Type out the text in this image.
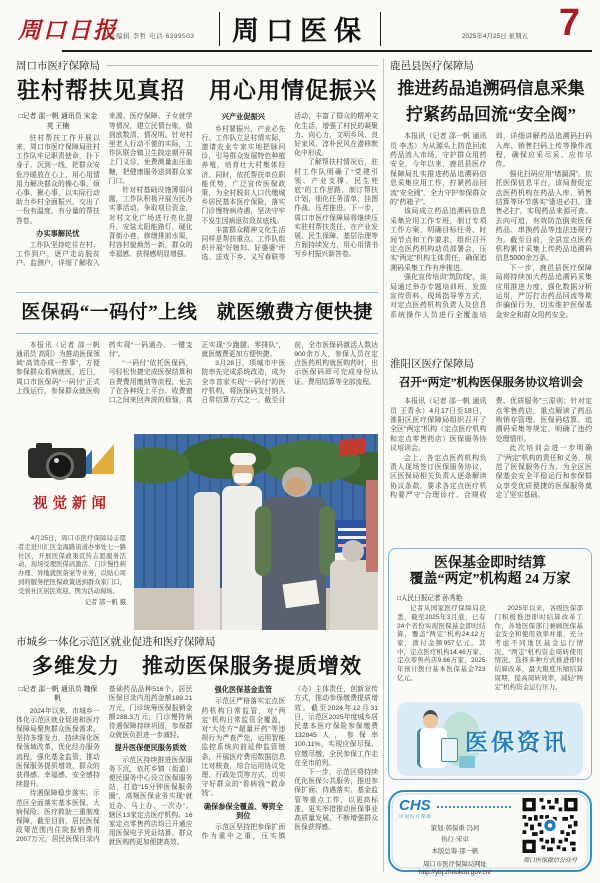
周口日报
责任编辑·李哲 电话·6399503 周口医保	2025年4月25日 星期五 7
周口市医疗保障局
驻村帮扶见真招　用心用情促振兴
□记者 邵一帆 通讯员 宋金英 王楠
驻村帮扶工作开展以来，周口市医疗保障局驻村工作队牢记职责使命，扑下身子、沉到一线，把群众安危冷暖放在心上，用心用情用力解决群众的操心事、烦心事、揪心事，以实际行动助力乡村全面振兴，交出了一份有温度、有分量的帮扶答卷。
办实事解民忧
工作队坚持吃住在村、工作到户，逐户走访脱贫户、监测户，详细了解收入来源、医疗保障、子女就学等情况，建立民情台账，做到底数清、情况明。针对村里老人行动不便的实际，工作队联合镇卫生院定期开展上门义诊，免费测量血压血糖，把健康服务送到群众家门口。
针对村基础设施薄弱问题，工作队积极开展为民办实事活动，争取项目资金，对村文化广场进行亮化提升，安装太阳能路灯，硬化背街小巷，修缮排前水渠，村容村貌焕然一新，群众的幸福感、获得感明显增强。
兴产业促振兴
乡村要振兴，产业必先行。工作队立足村情实际，邀请农业专家实地把脉问诊，引导群众发展特色种植养殖，培育壮大村集体经济。同时，依托帮扶单位职能优势，广泛宣传医保政策，为全村脱贫人口代缴城乡居民基本医疗保险，落实门诊慢特病待遇，坚决守牢不发生因病返贫致贫底线。
丰富群众精神文化生活同样是帮扶重点。工作队组织开展“好媳妇、好婆婆”评选、送戏下乡、义写春联等活动，丰富了群众的精神文化生活，增强了村民的凝聚力、向心力，文明乡风、良好家风、淳朴民风在潜移默化中形成。
了解帮扶村情况后，驻村工作队明确了“党建引领、产业支撑、民生兜底”的工作思路，制订帮扶计划，细化任务清单，挂图作战、压茬推进。下一步，周口市医疗保障局将继续压实驻村帮扶责任，在产业发展、民生保障、基层治理等方面持续发力，用心用情书写乡村振兴新答卷。
医保码“一码付”上线　就医缴费方便快捷
本报讯（记者 邵一帆 通讯员 高阳）为推动医保领域“高效办成一件事”，方便参保群众看病就医，近日，周口市医保码“一码付”正式上线运行，参保群众就医购药实现“一码通办、一键支付”。
“一码付”依托医保码，可轻松快捷完成医保结算和自费费用缴纳等流程，免去了在各种线上平台、收费窗口之间来回奔波的烦恼，真正实现“少跑腿、零排队”，就医缴费更加方便快捷。
3月28日，项城市中医院率先完成系统改造，成为全市首家实现“一码付”的医疗机构，将医保码支付纳入日常结算方式之一。截至目前，全市医保码激活人数达900余万人，参保人员在定点医药机构就医购药时，出示医保码即可完成身份认证、费用结算等全部流程。
视觉新闻
4月25日，周口市医疗保障局志愿者走进川汇区金海路街道办事处七一路社区，开展医保政策宣传志愿服务活动，现场受理医保码激活、门诊慢性病办理、异地就医备案等业务，以贴心周到的服务把医保政策送到群众家门口，受到社区居民欢迎。图为活动现场。
记者 邵一帆 摄
市城乡一体化示范区就业促进和医疗保障局
多维发力　推动医保服务提质增效
□记者 邵一帆 通讯员 魏保帆
2024年以来，市城乡一体化示范区就业促进和医疗保障局聚焦群众医保需求，坚持多维发力，持续深化医保领域改革，优化经办服务流程，强化基金监管，推动医保服务提质增效，群众的获得感、幸福感、安全感持续提升。
待遇保障稳步落实。示范区全面落实基本医保、大病保险、医疗救助三重制度保障，截至目前，居民医保政策范围内住院报销费用2007万元，居民医保目录内基础药品品种516个，居民医保目录内用药金额189.21万元，门诊统筹医保报销金额288.3万元，门诊慢特病待遇保障持续巩固，参保群众就医负担进一步减轻。
提升医保便民服务质效
示范区持续推进医保服务下沉，依托乡镇（街道）便民服务中心设立医保服务站，打造“15分钟医保服务圈”，高频医保业务实现“就近办、马上办、一次办”。辖区13家定点医疗机构、16家定点零售药店均已开通应用医保电子凭证结算，群众就医购药更加便捷高效。
强化医保基金监管
示范区严格落实定点医药机构日常监管，对“两定”机构日常监管全覆盖，对“大处方”“超量开药”等违规行为严查严处，运用智能监控系统向前延伸监管链条，开展医疗费用数据信息比对核查，综合运用协议处理、行政处罚等方式，切实守好群众的“看病钱”“救命钱”。
确保参保全覆盖、筹资全到位
示范区坚持把参保扩面作为重中之重，压实镇（办）主体责任，创新宣传方式，推动参保缴费提质增效。截至2024年12月31日，示范区2025年度城乡居民基本医疗保险参保缴费132845人，参保率100.11%，实现应保尽保、应缴尽缴，全民参保工作走在全市前列。
下一步，示范区将持续优化医保公共服务，推进参保扩面、待遇落实、基金监管等重点工作，以更高标准、更实举措推动医保事业高质量发展，不断增强群众医保获得感。
鹿邑县医疗保障局
推进药品追溯码信息采集
拧紧药品回流“安全阀”
本报讯（记者 邵一帆 通讯员 李杰）为从源头上防范回流药品流入市场，守护群众用药安全，今年以来，鹿邑县医疗保障局扎实推进药品追溯码信息采集应用工作，拧紧药品回流“安全阀”，全力守护参保群众的“药箱子”。
该局成立药品追溯码信息采集应用工作专班，制订专项工作方案，明确目标任务、时间节点和工作要求，组织召开定点医药机构动员部署会，压实“两定”机构主体责任，确保追溯码采集工作有序推进。
强化宣传培训“筑防线”。该局通过举办专题培训班、发放宣传资料、现场指导等方式，对定点医药机构负责人及信息系统操作人员进行全覆盖培训，详细讲解药品追溯码扫码入库、销售扫码上传等操作流程，确保应采尽采、应传尽传。
强化扫码应用“堵漏洞”。依托医保信息平台，该局督促定点医药机构在药品入库、销售结算等环节落实“逢进必扫、逢售必扫”，实现药品来源可查、去向可追，有效防范倒卖医保药品、串换药品等违法违规行为。截至目前，全县定点医药机构累计采集上传药品追溯码信息5000余万条。
下一步，鹿邑县医疗保障局将持续加大药品追溯码采集应用推进力度，强化数据分析运用，严厉打击药品回流等欺诈骗保行为，切实维护医保基金安全和群众用药安全。
淮阳区医疗保障局
召开“两定”机构医保服务协议培训会
本报讯（记者 邵一帆 通讯员 王青永）4月17日至18日，淮阳区医疗保障局组织召开了全区“两定”机构（定点医疗机构和定点零售药店）医保服务协议培训会。
会上，各定点医药机构负责人现场签订医保服务协议，区医保局相关负责人逐条解读协议条款，要求各定点医疗机构要严守“合理诊疗、合规收费、优质服务”三原则；针对定点零售药店，重点解读了药品购销存管理、医保码结算、追溯码采集等规定，明确了违约处理情形。
此次培训会进一步明确了“两定”机构的责任和义务，规范了医保服务行为，为全区医保基金安全平稳运行和参保群众享受优质便捷的医保服务奠定了坚实基础。
医保基金即时结算
覆盖“两定”机构超 24 万家
□人民日报记者 孙秀艳
记者从国家医疗保障局获悉，截至2025年3月底，已有24个省份实现医保基金即时结算，覆盖“两定”机构24.12万家，拨付金额957亿元。其中，定点医疗机构14.46万家、定点零售药店9.66万家，2025年预计拨付基本医保基金723亿元。
2025年以来，各级医保部门积极推进即时结算改革工作，各地医保部门兼顾医保基金安全和使用效率并重，充分考虑不同地区基金运行情况、“两定”机构资金周转使用情况，选择多种方式推进即时结算改革，最大限度压缩结算周期，提高周转效率，减轻“两定”机构资金运行压力。
医保资讯
CHS
中国医疗保障
策划·韩保重 冯珂
执行·宋卓
本版总筹·邵一帆
周口市医疗保障局网址
http://ybj.zhoukou.gov.cn/
周口医保微信公众号
